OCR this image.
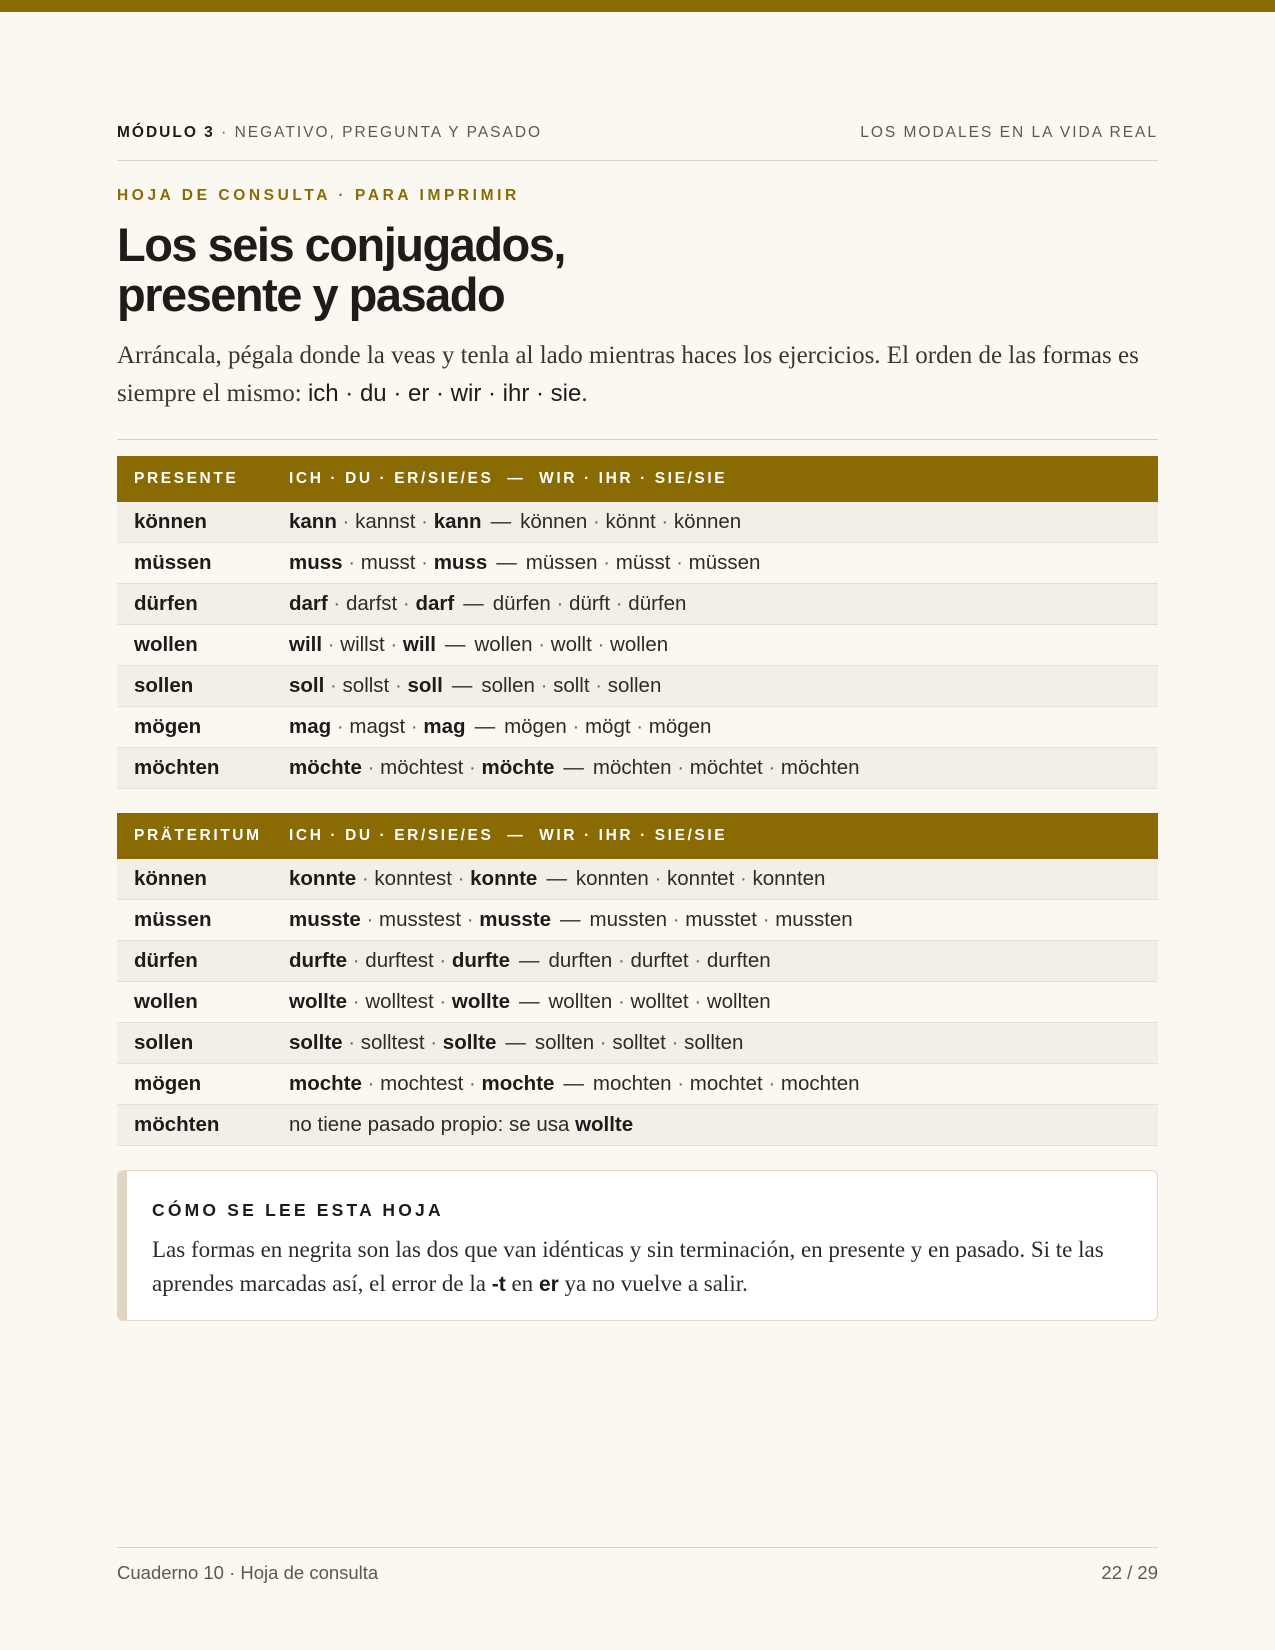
MÓDULO 3 · NEGATIVO, PREGUNTA Y PASADO	LOS MODALES EN LA VIDA REAL
HOJA DE CONSULTA · PARA IMPRIMIR
Los seis conjugados,
presente y pasado

Arráncala, pégala donde la veas y tenla al lado mientras haces los ejercicios. El orden de las formas es siempre el mismo: ich · du · er · wir · ihr · sie.

PRESENTE	ICH · DU · ER/SIE/ES  —  WIR · IHR · SIE/SIE
können	kann · kannst · kann — können · könnt · können
müssen	muss · musst · muss — müssen · müsst · müssen
dürfen	darf · darfst · darf — dürfen · dürft · dürfen
wollen	will · willst · will — wollen · wollt · wollen
sollen	soll · sollst · soll — sollen · sollt · sollen
mögen	mag · magst · mag — mögen · mögt · mögen
möchten	möchte · möchtest · möchte — möchten · möchtet · möchten
PRÄTERITUM	ICH · DU · ER/SIE/ES  —  WIR · IHR · SIE/SIE
können	konnte · konntest · konnte — konnten · konntet · konnten
müssen	musste · musstest · musste — mussten · musstet · mussten
dürfen	durfte · durftest · durfte — durften · durftet · durften
wollen	wollte · wolltest · wollte — wollten · wolltet · wollten
sollen	sollte · solltest · sollte — sollten · solltet · sollten
mögen	mochte · mochtest · mochte — mochten · mochtet · mochten
möchten	no tiene pasado propio: se usa wollte
CÓMO SE LEE ESTA HOJA

Las formas en negrita son las dos que van idénticas y sin terminación, en presente y en pasado. Si te las aprendes marcadas así, el error de la -t en er ya no vuelve a salir.

Cuaderno 10 · Hoja de consulta	22 / 29
